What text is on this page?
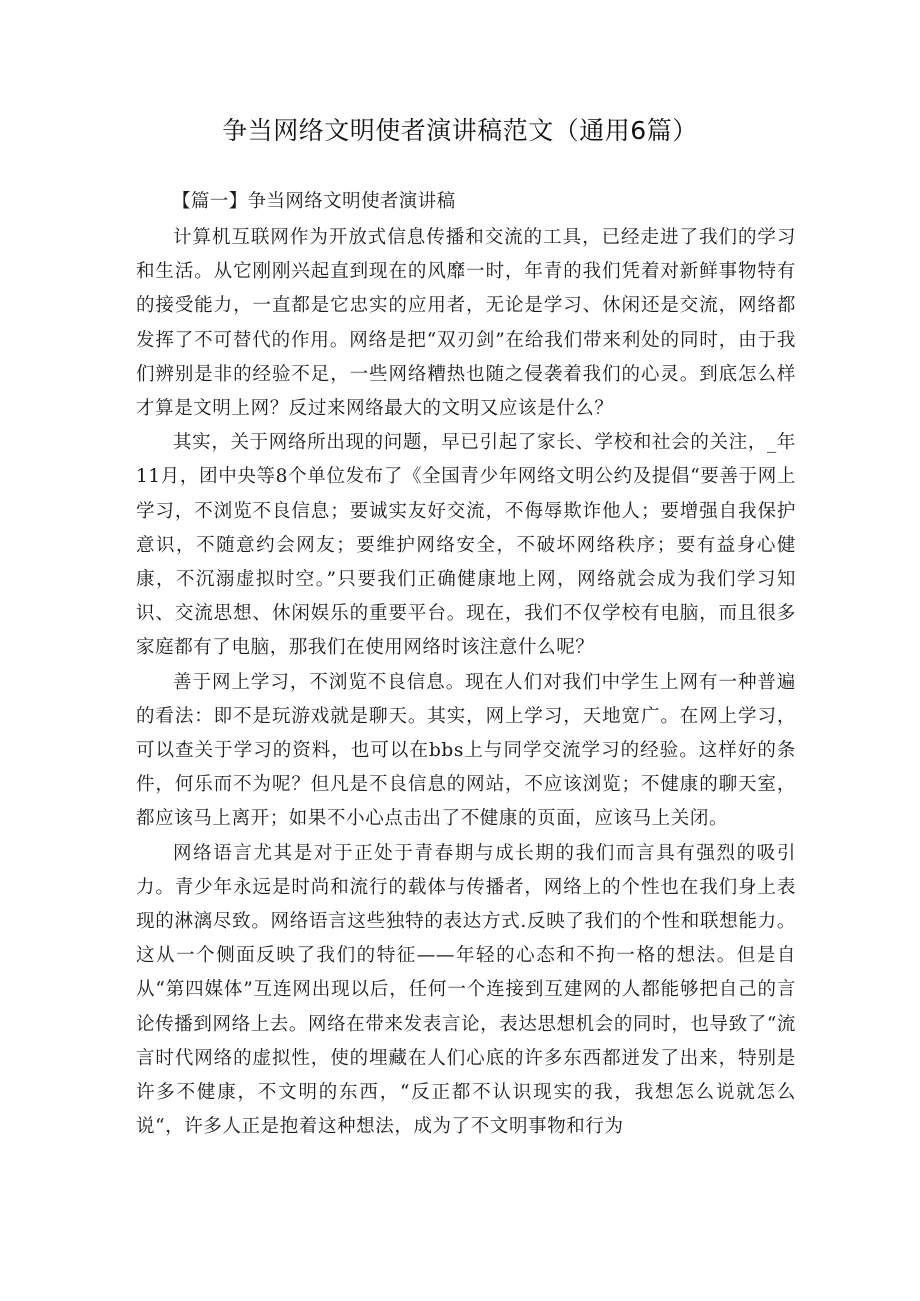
争当网络文明使者演讲稿范文（通用6篇）

【篇一】争当网络文明使者演讲稿

计算机互联网作为开放式信息传播和交流的工具，已经走进了我们的学习和生活。从它刚刚兴起直到现在的风靡一时，年青的我们凭着对新鲜事物特有的接受能力，一直都是它忠实的应用者，无论是学习、休闲还是交流，网络都发挥了不可替代的作用。网络是把“双刃剑”在给我们带来利处的同时，由于我们辨别是非的经验不足，一些网络糟热也随之侵袭着我们的心灵。到底怎么样才算是文明上网？反过来网络最大的文明又应该是什么？

其实，关于网络所出现的问题，早已引起了家长、学校和社会的关注，_年11月，团中央等8个单位发布了《全国青少年网络文明公约及提倡“要善于网上学习，不浏览不良信息；要诚实友好交流，不侮辱欺诈他人；要增强自我保护意识，不随意约会网友；要维护网络安全，不破坏网络秩序；要有益身心健康，不沉溺虚拟时空。”只要我们正确健康地上网，网络就会成为我们学习知识、交流思想、休闲娱乐的重要平台。现在，我们不仅学校有电脑，而且很多家庭都有了电脑，那我们在使用网络时该注意什么呢？

善于网上学习，不浏览不良信息。现在人们对我们中学生上网有一种普遍的看法：即不是玩游戏就是聊天。其实，网上学习，天地宽广。在网上学习，可以查关于学习的资料，也可以在bbs上与同学交流学习的经验。这样好的条件，何乐而不为呢？但凡是不良信息的网站，不应该浏览；不健康的聊天室，都应该马上离开；如果不小心点击出了不健康的页面，应该马上关闭。

网络语言尤其是对于正处于青春期与成长期的我们而言具有强烈的吸引力。青少年永远是时尚和流行的载体与传播者，网络上的个性也在我们身上表现的淋漓尽致。网络语言这些独特的表达方式.反映了我们的个性和联想能力。这从一个侧面反映了我们的特征——年轻的心态和不拘一格的想法。但是自从“第四媒体”互连网出现以后，任何一个连接到互建网的人都能够把自己的言论传播到网络上去。网络在带来发表言论，表达思想机会的同时，也导致了“流言时代网络的虚拟性，使的埋藏在人们心底的许多东西都迸发了出来，特别是许多不健康，不文明的东西，“反正都不认识现实的我，我想怎么说就怎么说“，许多人正是抱着这种想法，成为了不文明事物和行为
